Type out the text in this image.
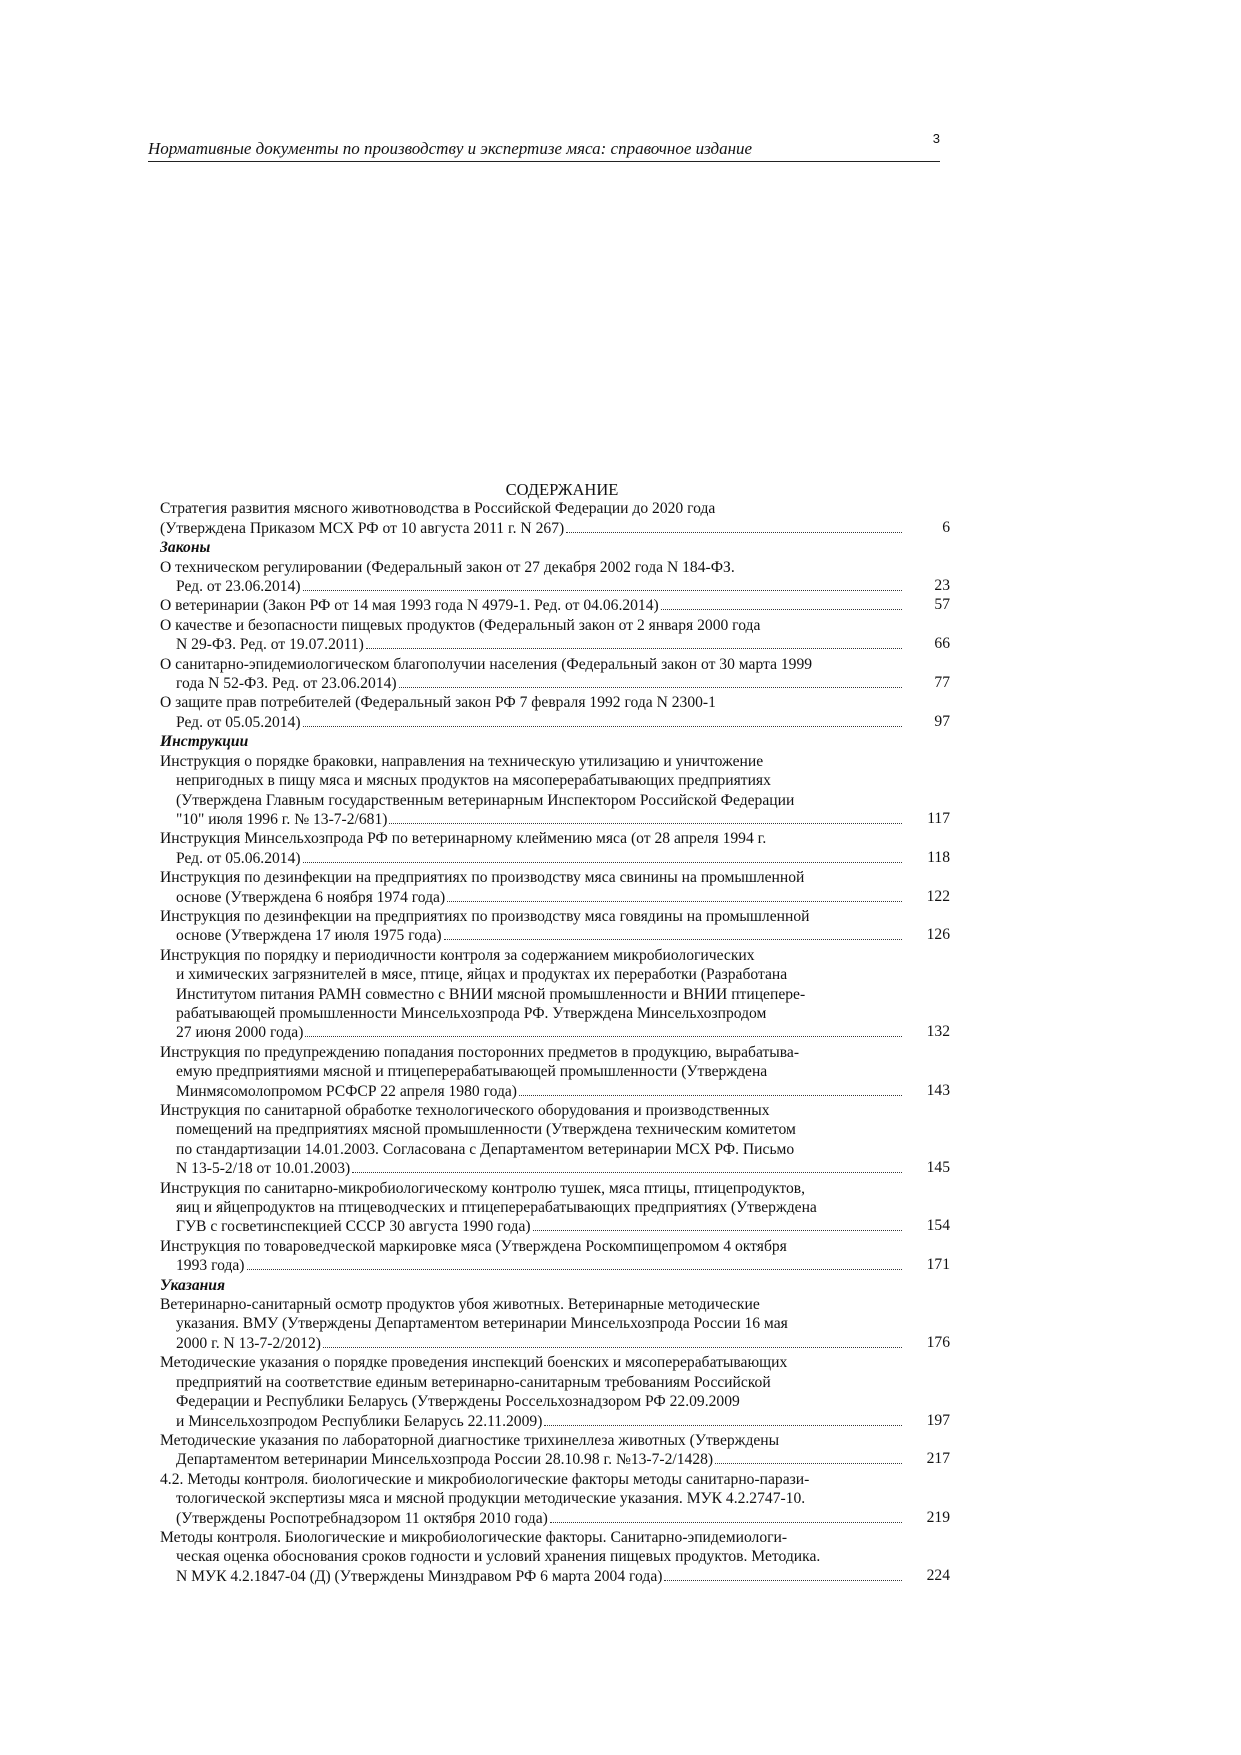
Нормативные документы по производству и экспертизе мяса: справочное издание
3
СОДЕРЖАНИЕ
Стратегия развития мясного животноводства в Российской Федерации до 2020 года
(Утверждена Приказом МСХ РФ от 10 августа 2011 г. N 267)	6
Законы
О техническом регулировании (Федеральный закон от 27 декабря 2002 года N 184-ФЗ.
Ред. от 23.06.2014)	23
О ветеринарии (Закон РФ от 14 мая 1993 года N 4979-1. Ред. от 04.06.2014)	57
О качестве и безопасности пищевых продуктов (Федеральный закон от 2 января 2000 года
N 29-ФЗ. Ред. от 19.07.2011)	66
О санитарно-эпидемиологическом благополучии населения (Федеральный закон от 30 марта 1999
года N 52-ФЗ. Ред. от 23.06.2014)	77
О защите прав потребителей (Федеральный закон РФ 7 февраля 1992 года N 2300-1
Ред. от 05.05.2014)	97
Инструкции
Инструкция о порядке браковки, направления на техническую утилизацию и уничтожение
непригодных в пищу мяса и мясных продуктов на мясоперерабатывающих предприятиях
(Утверждена Главным государственным ветеринарным Инспектором Российской Федерации
"10" июля 1996 г. № 13-7-2/681)	117
Инструкция Минсельхозпрода РФ по ветеринарному клеймению мяса (от 28 апреля 1994 г.
Ред. от 05.06.2014)	118
Инструкция по дезинфекции на предприятиях по производству мяса свинины на промышленной
основе (Утверждена 6 ноября 1974 года)	122
Инструкция по дезинфекции на предприятиях по производству мяса говядины на промышленной
основе (Утверждена 17 июля 1975 года)	126
Инструкция по порядку и периодичности контроля за содержанием микробиологических
и химических загрязнителей в мясе, птице, яйцах и продуктах их переработки (Разработана
Институтом питания РАМН совместно с ВНИИ мясной промышленности и ВНИИ птицепере-
рабатывающей промышленности Минсельхозпрода РФ. Утверждена Минсельхозпродом
27 июня 2000 года)	132
Инструкция по предупреждению попадания посторонних предметов в продукцию, вырабатыва-
емую предприятиями мясной и птицеперерабатывающей промышленности (Утверждена
Минмясомолопромом РСФСР 22 апреля 1980 года)	143
Инструкция по санитарной обработке технологического оборудования и производственных
помещений на предприятиях мясной промышленности (Утверждена техническим комитетом
по стандартизации 14.01.2003. Согласована с Департаментом ветеринарии МСХ РФ. Письмо
N 13-5-2/18 от 10.01.2003)	145
Инструкция по санитарно-микробиологическому контролю тушек, мяса птицы, птицепродуктов,
яиц и яйцепродуктов на птицеводческих и птицеперерабатывающих предприятиях (Утверждена
ГУВ с госветинспекцией СССР 30 августа 1990 года)	154
Инструкция по товароведческой маркировке мяса (Утверждена Роскомпищепромом 4 октября
1993 года)	171
Указания
Ветеринарно-санитарный осмотр продуктов убоя животных. Ветеринарные методические
указания. ВМУ (Утверждены Департаментом ветеринарии Минсельхозпрода России 16 мая
2000 г. N 13-7-2/2012)	176
Методические указания о порядке проведения инспекций боенских и мясоперерабатывающих
предприятий на соответствие единым ветеринарно-санитарным требованиям Российской
Федерации и Республики Беларусь (Утверждены Россельхознадзором РФ 22.09.2009
и Минсельхозпродом Республики Беларусь 22.11.2009)	197
Методические указания по лабораторной диагностике трихинеллеза животных (Утверждены
Департаментом ветеринарии Минсельхозпрода России 28.10.98 г. №13-7-2/1428)	217
4.2. Методы контроля. биологические и микробиологические факторы методы санитарно-парази-
тологической экспертизы мяса и мясной продукции методические указания. МУК 4.2.2747-10.
(Утверждены Роспотребнадзором 11 октября 2010 года)	219
Методы контроля. Биологические и микробиологические факторы. Санитарно-эпидемиологи-
ческая оценка обоснования сроков годности и условий хранения пищевых продуктов. Методика.
N МУК 4.2.1847-04 (Д) (Утверждены Минздравом РФ 6 марта 2004 года)	224
